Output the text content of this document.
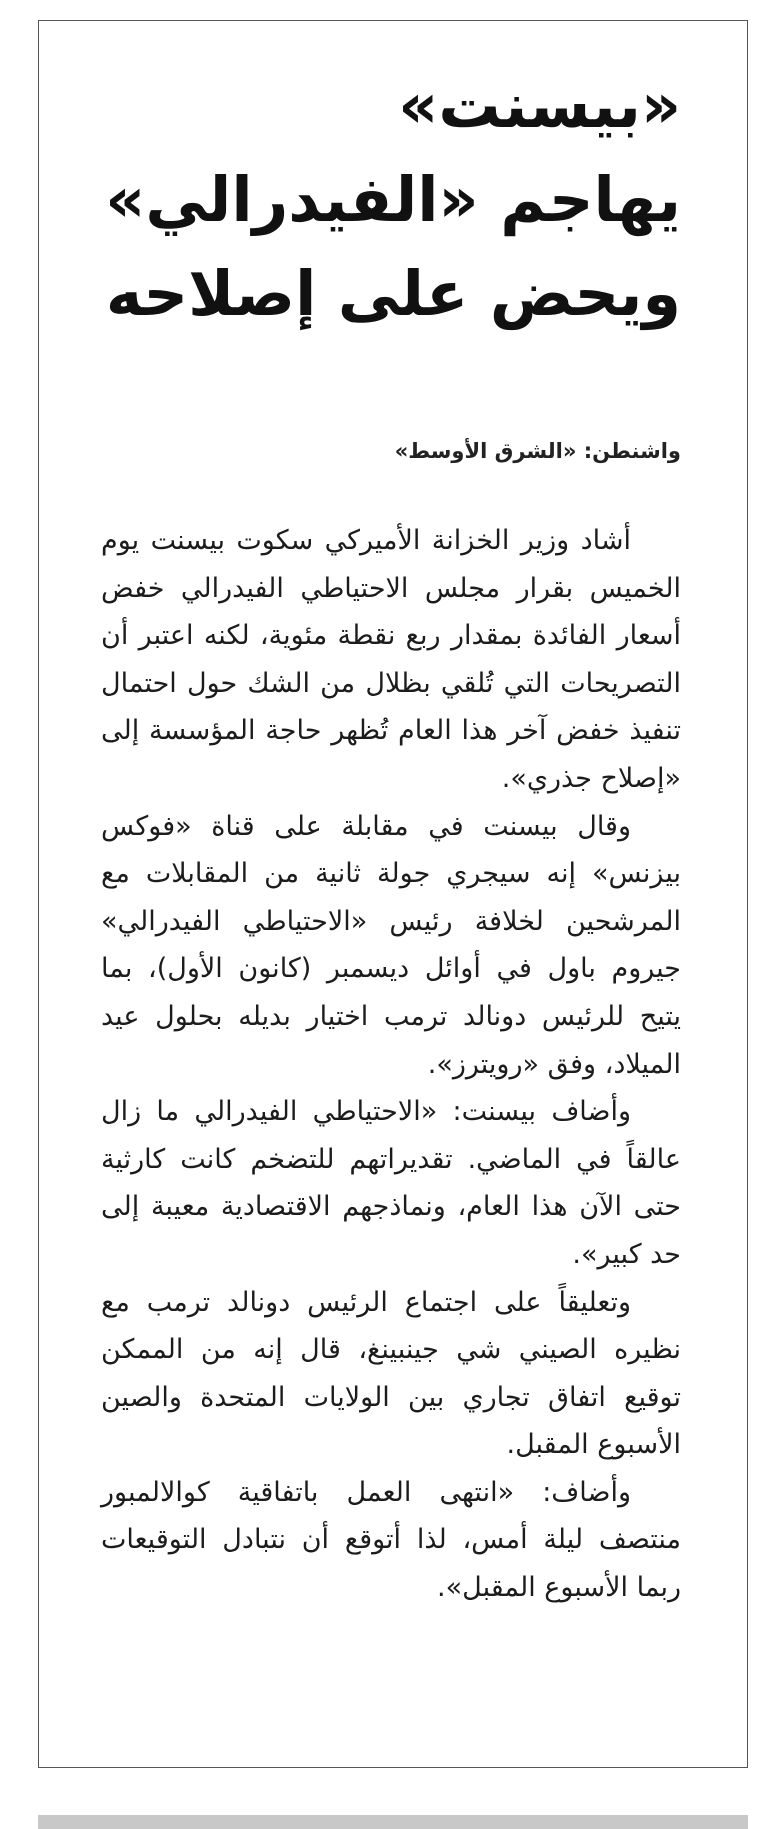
«بيسنت»
يهاجم «الفيدرالي»
ويحض على إصلاحه
واشنطن: «الشرق الأوسط»

أشاد وزير الخزانة الأميركي سكوت بيسنت يوم الخميس بقرار مجلس الاحتياطي الفيدرالي خفض أسعار الفائدة بمقدار ربع نقطة مئوية، لكنه اعتبر أن التصريحات التي تُلقي بظلال من الشك حول احتمال تنفيذ خفض آخر هذا العام تُظهر حاجة المؤسسة إلى «إصلاح جذري».

وقال بيسنت في مقابلة على قناة «فوكس بيزنس» إنه سيجري جولة ثانية من المقابلات مع المرشحين لخلافة رئيس «الاحتياطي الفيدرالي» جيروم باول في أوائل ديسمبر (كانون الأول)، بما يتيح للرئيس دونالد ترمب اختيار بديله بحلول عيد الميلاد، وفق «رويترز».

وأضاف بيسنت: «الاحتياطي الفيدرالي ما زال عالقاً في الماضي. تقديراتهم للتضخم كانت كارثية حتى الآن هذا العام، ونماذجهم الاقتصادية معيبة إلى حد كبير».

وتعليقاً على اجتماع الرئيس دونالد ترمب مع نظيره الصيني شي جينبينغ، قال إنه من الممكن توقيع اتفاق تجاري بين الولايات المتحدة والصين الأسبوع المقبل.

وأضاف: «انتهى العمل باتفاقية كوالالمبور منتصف ليلة أمس، لذا أتوقع أن نتبادل التوقيعات ربما الأسبوع المقبل».
